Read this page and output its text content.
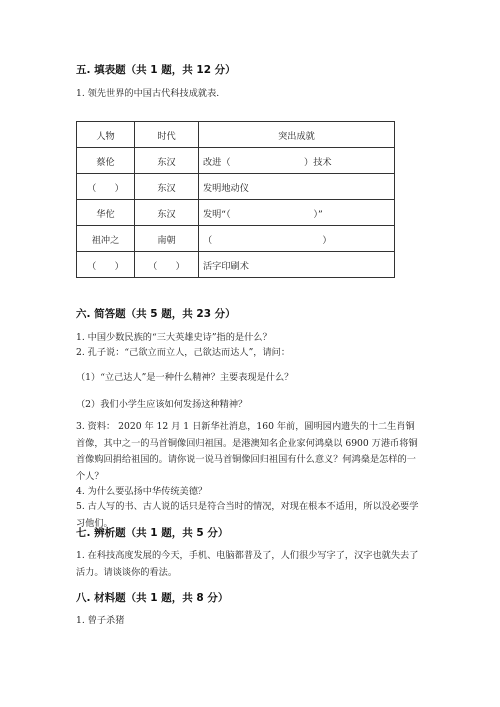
五. 填表题（共 1 题，共 12 分）
1. 领先世界的中国古代科技成就表.
人物	时代	突出成就
蔡伦	东汉	改进（　　　　　　　　）技术
（　　）	东汉	发明地动仪
华佗	东汉	发明“（　　　　　　　　　）”
祖冲之	南朝	（　　　　　　　　　　　　）
（　　）	（　　）	活字印刷术
六. 简答题（共 5 题，共 23 分）
1. 中国少数民族的“三大英雄史诗”指的是什么？
2. 孔子说：“己欲立而立人，己欲达而达人”，请问：
（1）“立己达人”是一种什么精神？主要表现是什么？
（2）我们小学生应该如何发扬这种精神？
3. 资料： 2020 年 12 月 1 日新华社消息，160 年前，圆明园内遗失的十二生肖铜首像，其中之一的马首铜像回归祖国。是港澳知名企业家何鸿燊以 6900 万港币将铜首像购回捐给祖国的。请你说一说马首铜像回归祖国有什么意义？何鸿燊是怎样的一个人？
4. 为什么要弘扬中华传统美德？
5. 古人写的书、古人说的话只是符合当时的情况，对现在根本不适用，所以没必要学习他们。
七. 辨析题（共 1 题，共 5 分）
1. 在科技高度发展的今天，手机、电脑都普及了，人们很少写字了，汉字也就失去了活力。请谈谈你的看法。
八. 材料题（共 1 题，共 8 分）
1. 曾子杀猪
